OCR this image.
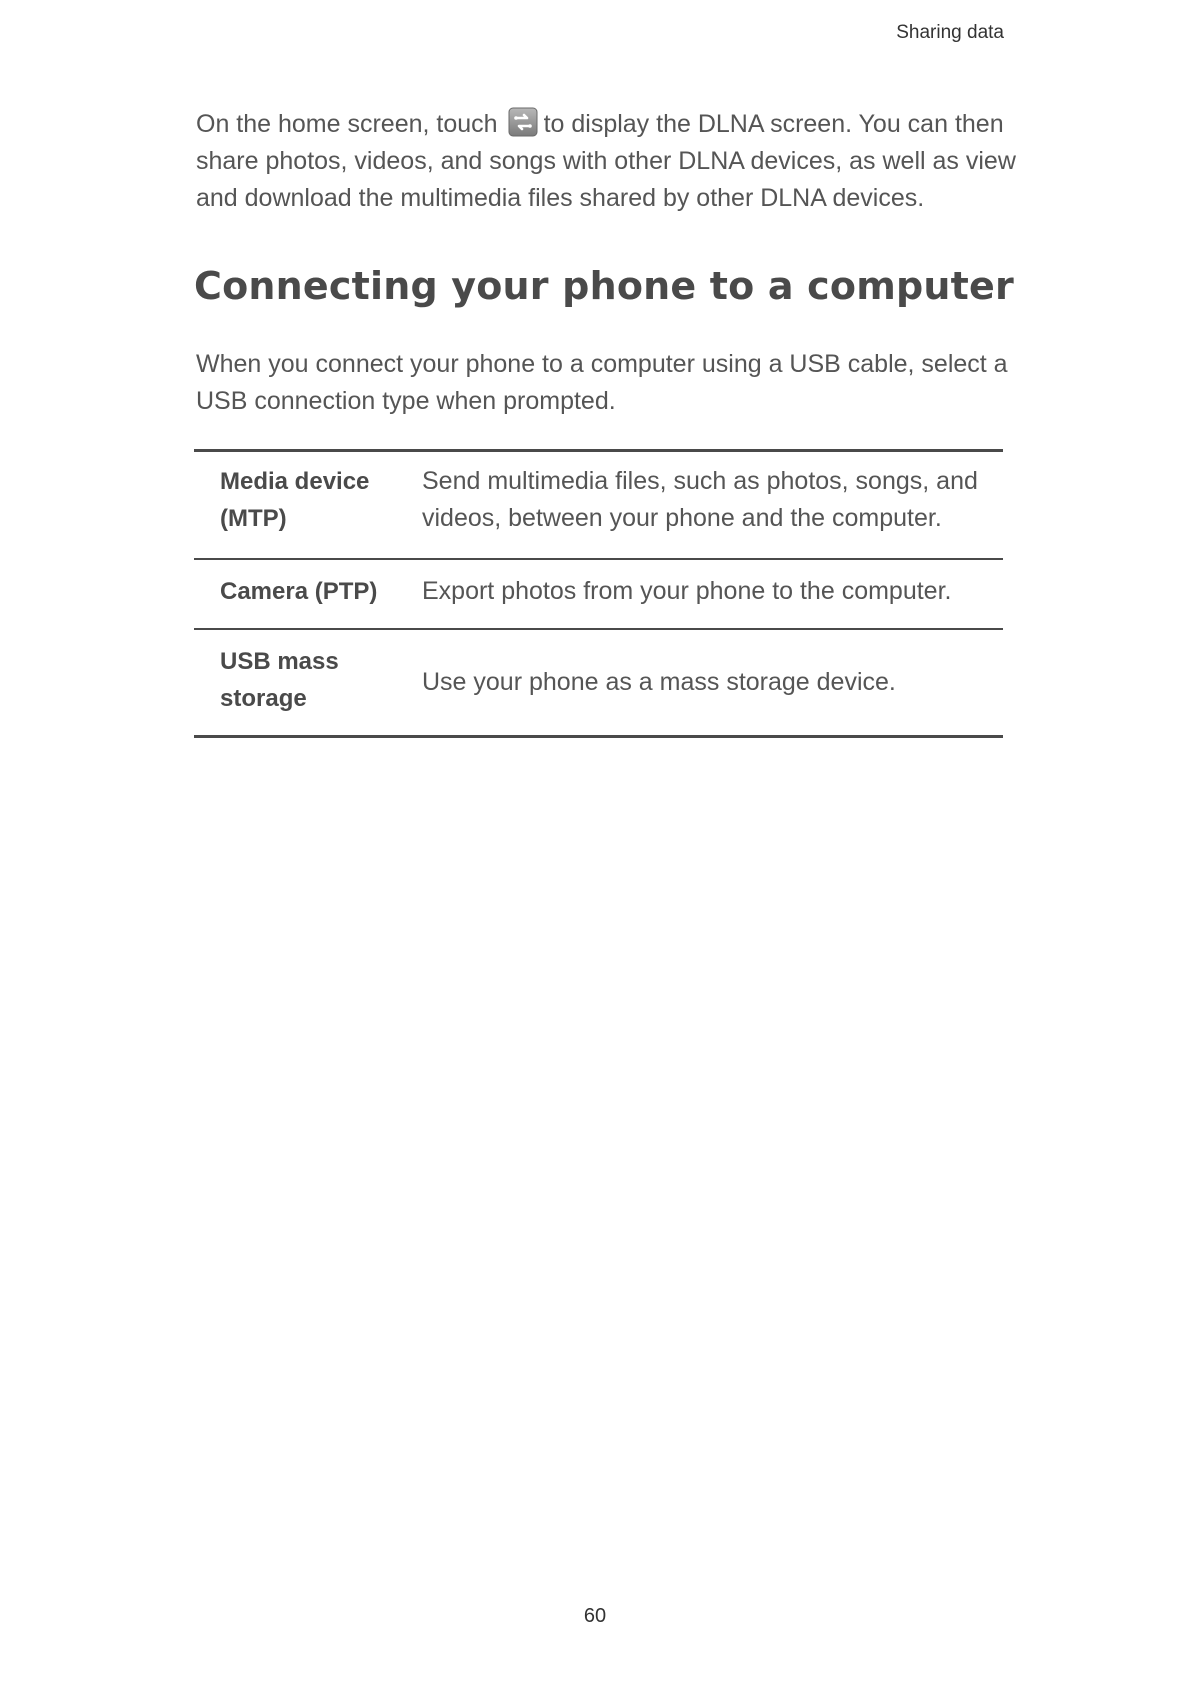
Sharing data

On the home screen, touch to display the DLNA screen. You can then share photos, videos, and songs with other DLNA devices, as well as view and download the multimedia files shared by other DLNA devices.

Connecting your phone to a computer

When you connect your phone to a computer using a USB cable, select a USB connection type when prompted.

Media device (MTP)
Send multimedia files, such as photos, songs, and videos, between your phone and the computer.
Camera (PTP)	Export photos from your phone to the computer.
USB mass storage
Use your phone as a mass storage device.
60
